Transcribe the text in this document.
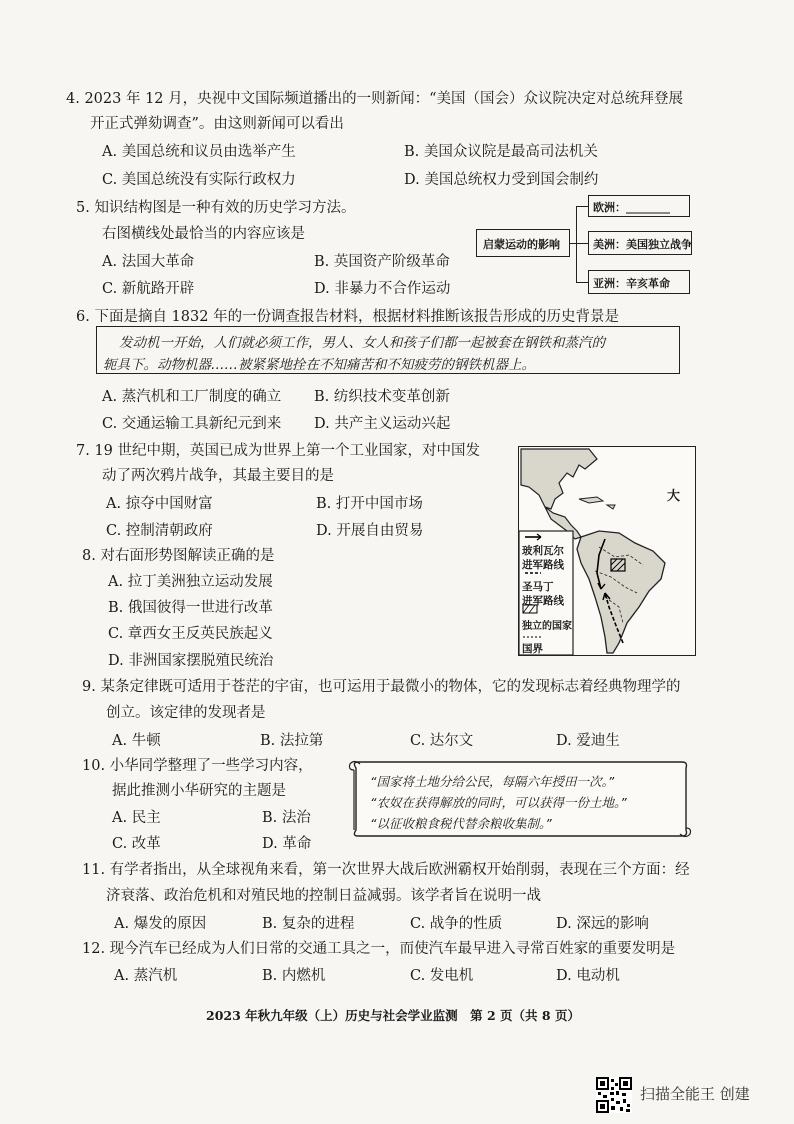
4. 2023 年 12 月，央视中文国际频道播出的一则新闻：“美国（国会）众议院决定对总统拜登展
开正式弹劾调查”。由这则新闻可以看出
A. 美国总统和议员由选举产生	B. 美国众议院是最高司法机关
C. 美国总统没有实际行政权力	D. 美国总统权力受到国会制约
5. 知识结构图是一种有效的历史学习方法。
右图横线处最恰当的内容应该是
A. 法国大革命	B. 英国资产阶级革命
C. 新航路开辟	D. 非暴力不合作运动
启蒙运动的影响
欧洲：________
美洲：美国独立战争
亚洲：辛亥革命
6. 下面是摘自 1832 年的一份调查报告材料，根据材料推断该报告形成的历史背景是
发动机一开始，人们就必须工作，男人、女人和孩子们都一起被套在钢铁和蒸汽的
轭具下。动物机器……被紧紧地拴在不知痛苦和不知疲劳的钢铁机器上。
A. 蒸汽机和工厂制度的确立 B. 纺织技术变革创新
C. 交通运输工具新纪元到来 D. 共产主义运动兴起
7. 19 世纪中期，英国已成为世界上第一个工业国家，对中国发
动了两次鸦片战争，其最主要目的是
A. 掠夺中国财富	B. 打开中国市场
C. 控制清朝政府	D. 开展自由贸易
8. 对右面形势图解读正确的是
A. 拉丁美洲独立运动发展
B. 俄国彼得一世进行改革
C. 章西女王反英民族起义
D. 非洲国家摆脱殖民统治
大
玻利瓦尔
进军路线
圣马丁
进军路线
独立的国家
国界
9. 某条定律既可适用于苍茫的宇宙，也可运用于最微小的物体，它的发现标志着经典物理学的
创立。该定律的发现者是
A. 牛顿	B. 法拉第	C. 达尔文	D. 爱迪生
10. 小华同学整理了一些学习内容，
据此推测小华研究的主题是
A. 民主	B. 法治
C. 改革	D. 革命
“国家将土地分给公民，每隔六年授田一次。”
“农奴在获得解放的同时，可以获得一份土地。”
“以征收粮食税代替余粮收集制。”
11. 有学者指出，从全球视角来看，第一次世界大战后欧洲霸权开始削弱，表现在三个方面：经
济衰落、政治危机和对殖民地的控制日益减弱。该学者旨在说明一战
A. 爆发的原因	B. 复杂的进程	C. 战争的性质	D. 深远的影响
12. 现今汽车已经成为人们日常的交通工具之一，而使汽车最早进入寻常百姓家的重要发明是
A. 蒸汽机	B. 内燃机	C. 发电机	D. 电动机
2023 年秋九年级（上）历史与社会学业监测　第 2 页（共 8 页）
扫描全能王 创建
